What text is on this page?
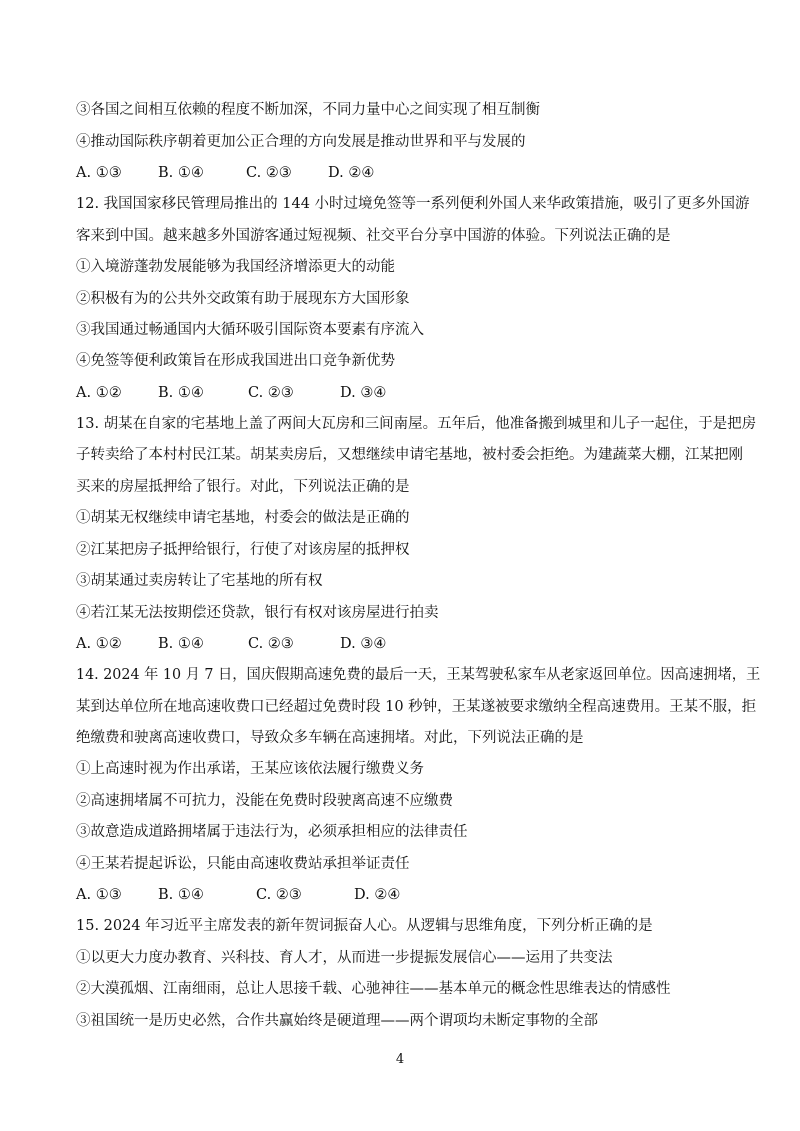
③各国之间相互依赖的程度不断加深，不同力量中心之间实现了相互制衡
④推动国际秩序朝着更加公正合理的方向发展是推动世界和平与发展的
A. ①③	B. ①④	C. ②③ D. ②④
12. 我国国家移民管理局推出的 144 小时过境免签等一系列便利外国人来华政策措施，吸引了更多外国游
客来到中国。越来越多外国游客通过短视频、社交平台分享中国游的体验。下列说法正确的是
①入境游蓬勃发展能够为我国经济增添更大的动能
②积极有为的公共外交政策有助于展现东方大国形象
③我国通过畅通国内大循环吸引国际资本要素有序流入
④免签等便利政策旨在形成我国进出口竞争新优势
A. ①②	B. ①④	C. ②③	D. ③④
13. 胡某在自家的宅基地上盖了两间大瓦房和三间南屋。五年后，他准备搬到城里和儿子一起住，于是把房
子转卖给了本村村民江某。胡某卖房后，又想继续申请宅基地，被村委会拒绝。为建蔬菜大棚，江某把刚
买来的房屋抵押给了银行。对此，下列说法正确的是
①胡某无权继续申请宅基地，村委会的做法是正确的
②江某把房子抵押给银行，行使了对该房屋的抵押权
③胡某通过卖房转让了宅基地的所有权
④若江某无法按期偿还贷款，银行有权对该房屋进行拍卖
A. ①②	B. ①④	C. ②③	D. ③④
14. 2024 年 10 月 7 日，国庆假期高速免费的最后一天，王某驾驶私家车从老家返回单位。因高速拥堵，王
某到达单位所在地高速收费口已经超过免费时段 10 秒钟，王某遂被要求缴纳全程高速费用。王某不服，拒
绝缴费和驶离高速收费口，导致众多车辆在高速拥堵。对此，下列说法正确的是
①上高速时视为作出承诺，王某应该依法履行缴费义务
②高速拥堵属不可抗力，没能在免费时段驶离高速不应缴费
③故意造成道路拥堵属于违法行为，必须承担相应的法律责任
④王某若提起诉讼，只能由高速收费站承担举证责任
A. ①③	B. ①④	C. ②③	D. ②④
15. 2024 年习近平主席发表的新年贺词振奋人心。从逻辑与思维角度，下列分析正确的是
①以更大力度办教育、兴科技、育人才，从而进一步提振发展信心——运用了共变法
②大漠孤烟、江南细雨，总让人思接千载、心驰神往——基本单元的概念性思维表达的情感性
③祖国统一是历史必然，合作共赢始终是硬道理——两个谓项均未断定事物的全部
4
